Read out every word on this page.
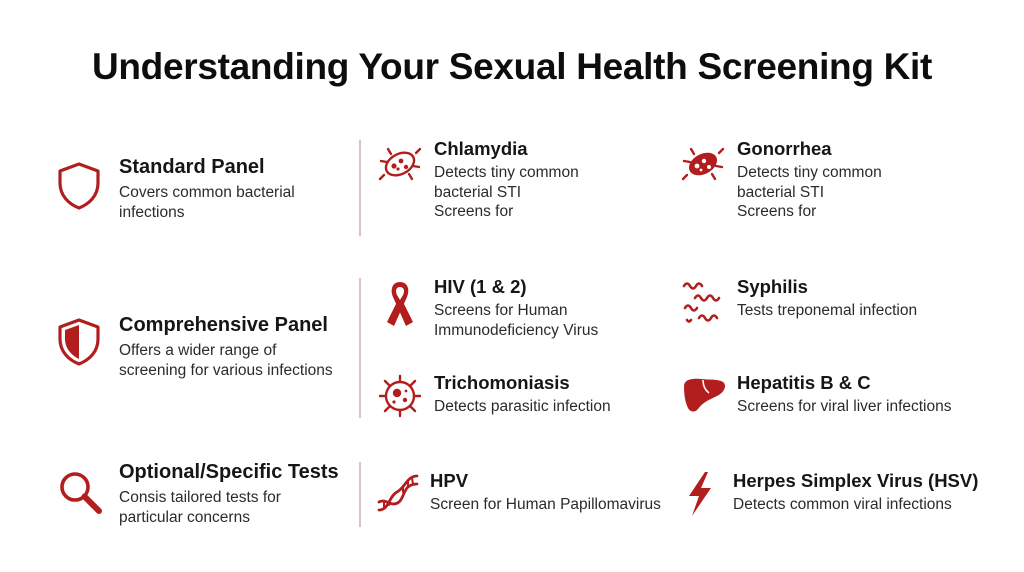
Understanding Your Sexual Health Screening Kit
Standard Panel
Covers common bacterial
infections
Comprehensive Panel
Offers a wider range of
screening for various infections
Optional/Specific Tests
Consis tailored tests for
particular concerns
Chlamydia
Detects tiny common
bacterial STI
Screens for
Gonorrhea
Detects tiny common
bacterial STI
Screens for
HIV (1 & 2)
Screens for Human
Immunodeficiency Virus
Syphilis
Tests treponemal infection
Trichomoniasis
Detects parasitic infection
Hepatitis B & C
Screens for viral liver infections
HPV
Screen for Human Papillomavirus
Herpes Simplex Virus (HSV)
Detects common viral infections
